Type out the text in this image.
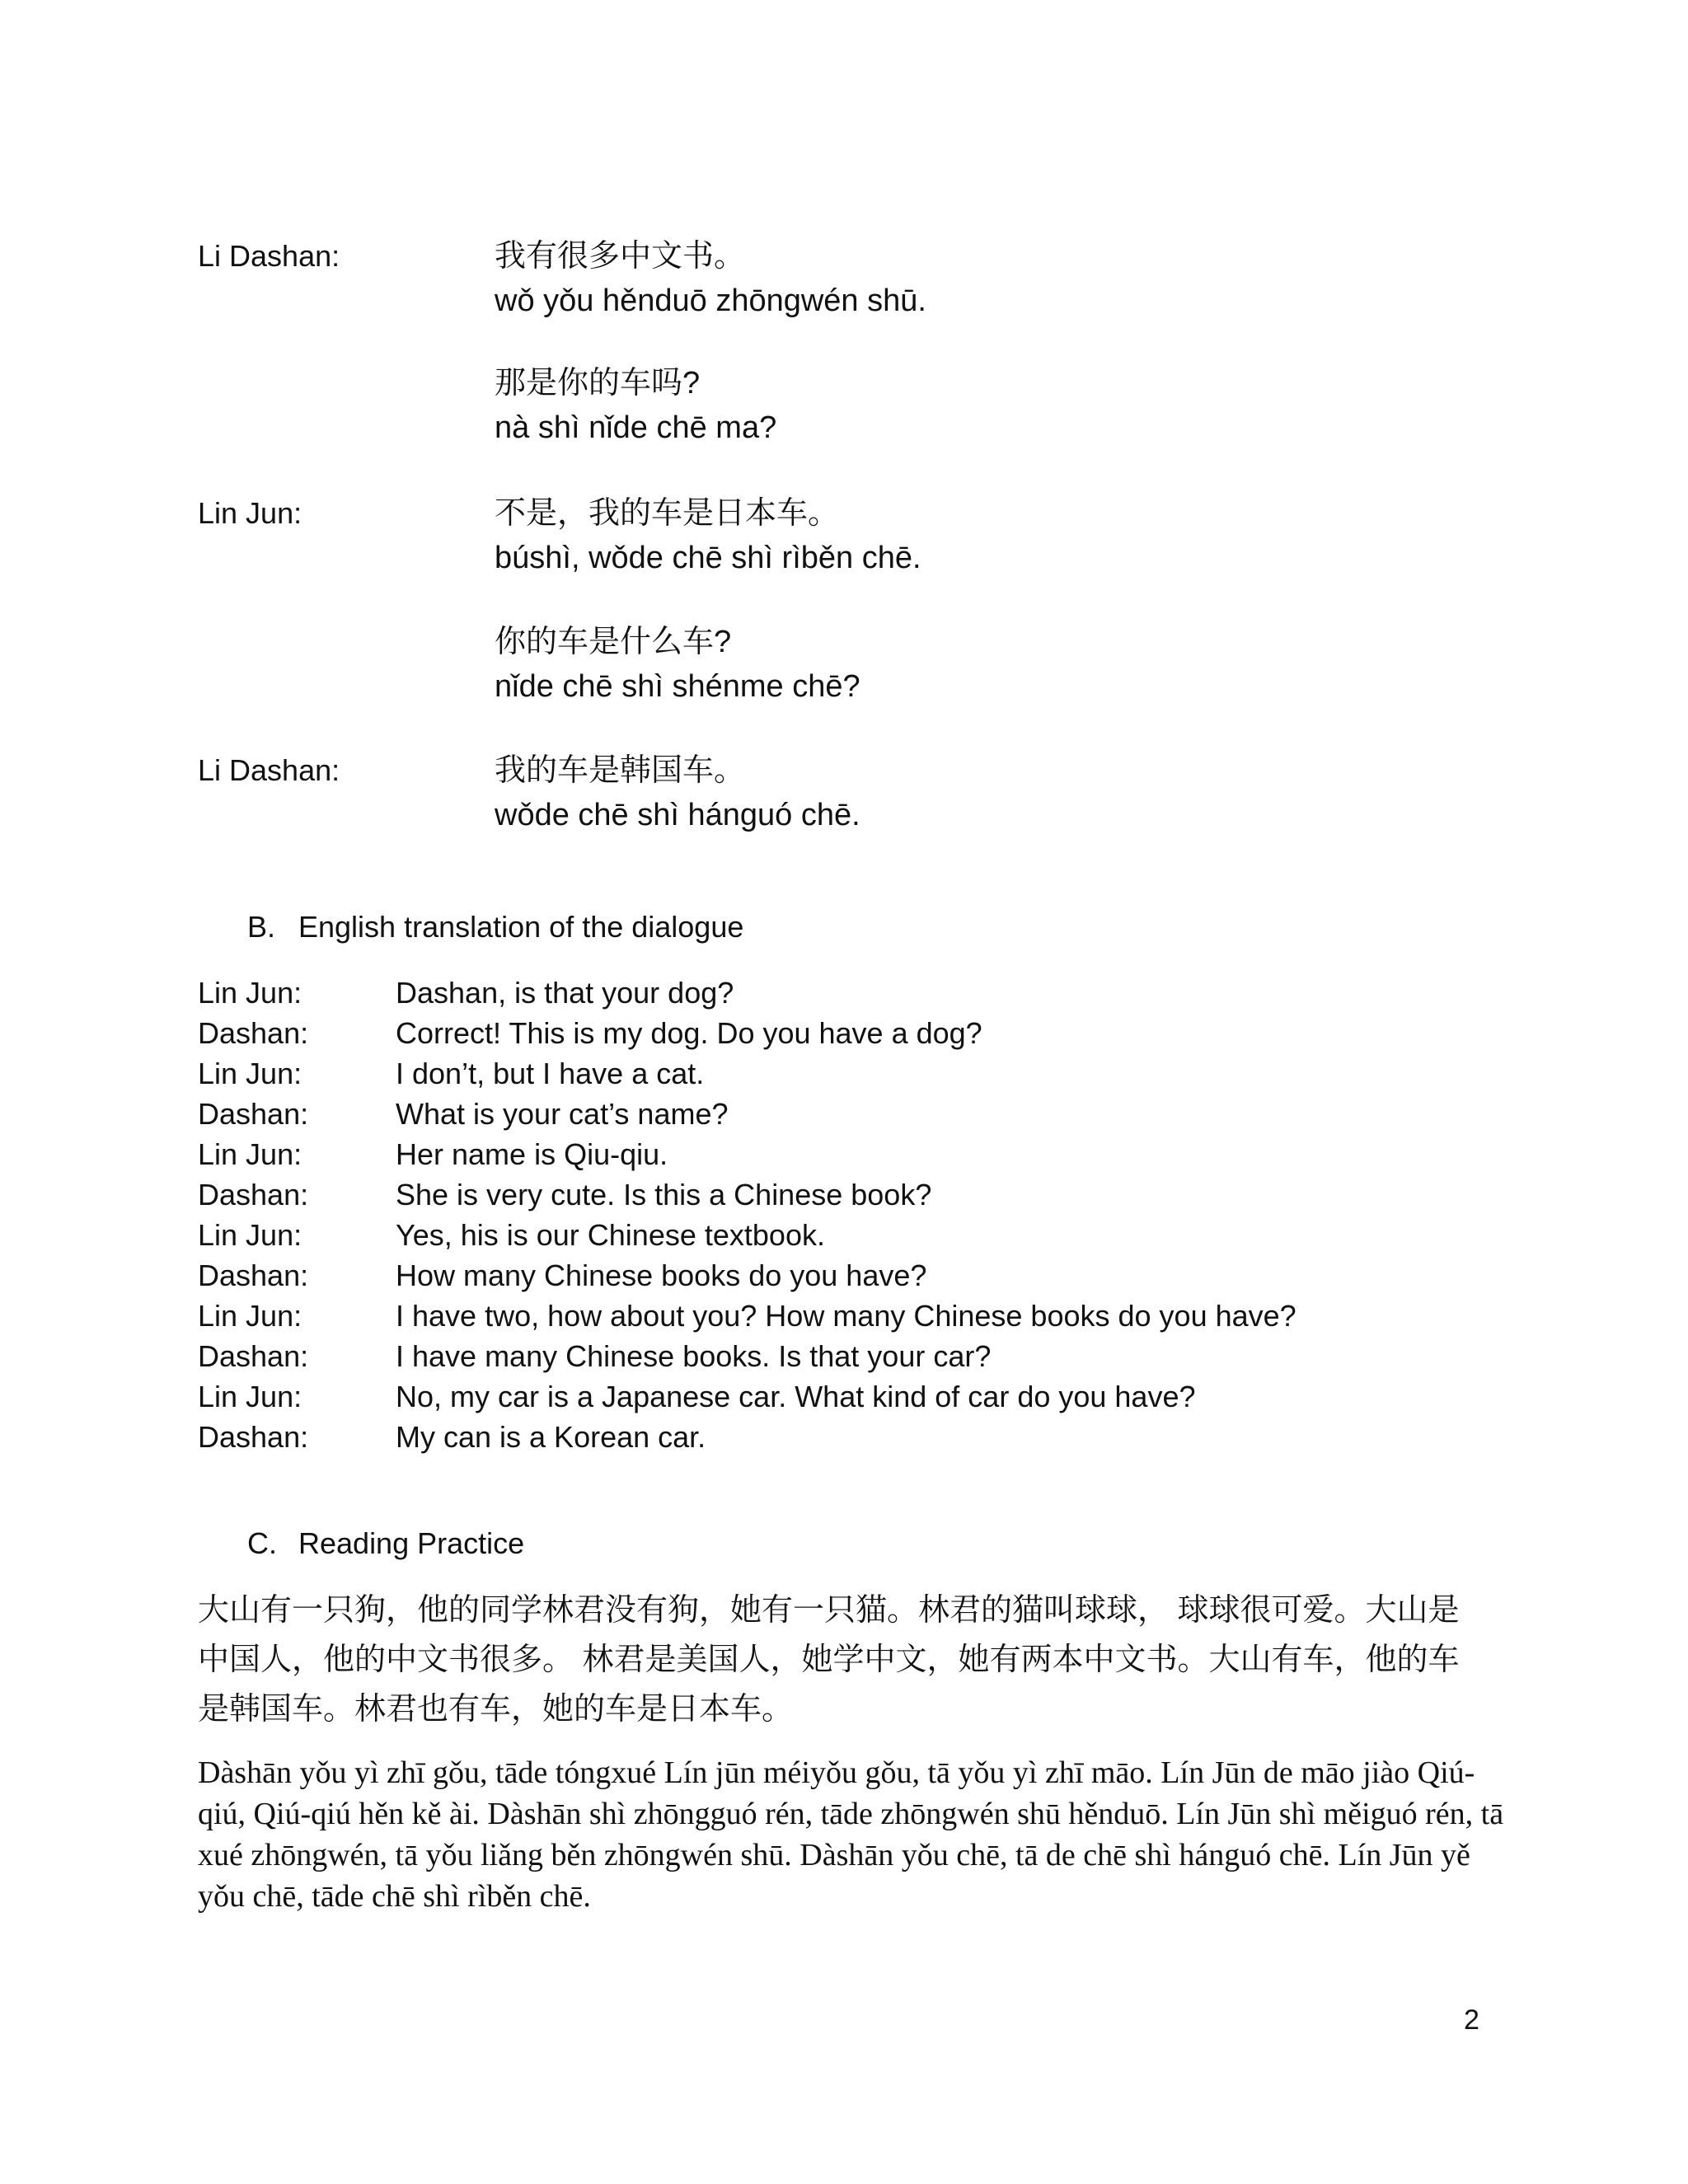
Li Dashan:	我有很多中文书。
wǒ yǒu hěnduō zhōngwén shū.
那是你的车吗?
nà shì nǐde chē ma?
Lin Jun:	不是，我的车是日本车。
búshì, wǒde chē shì rìběn chē.
你的车是什么车?
nǐde chē shì shénme chē?
Li Dashan:	我的车是韩国车。
wǒde chē shì hánguó chē.
B. English translation of the dialogue
Lin Jun:	Dashan, is that your dog?
Dashan:	Correct! This is my dog. Do you have a dog?
Lin Jun:	I don’t, but I have a cat.
Dashan:	What is your cat’s name?
Lin Jun:	Her name is Qiu-qiu.
Dashan:	She is very cute. Is this a Chinese book?
Lin Jun:	Yes, his is our Chinese textbook.
Dashan:	How many Chinese books do you have?
Lin Jun:	I have two, how about you? How many Chinese books do you have?
Dashan:	I have many Chinese books. Is that your car?
Lin Jun:	No, my car is a Japanese car. What kind of car do you have?
Dashan:	My can is a Korean car.
C. Reading Practice
大山有一只狗，他的同学林君没有狗，她有一只猫。林君的猫叫球球， 球球很可爱。大山是中国人，他的中文书很多。 林君是美国人，她学中文，她有两本中文书。大山有车，他的车是韩国车。林君也有车，她的车是日本车。
Dàshān yǒu yì zhī gǒu, tāde tóngxué Lín jūn méiyǒu gǒu, tā yǒu yì zhī māo. Lín Jūn de māo jiào Qiú-qiú, Qiú-qiú hěn kě ài. Dàshān shì zhōngguó rén, tāde zhōngwén shū hěnduō. Lín Jūn shì měiguó rén, tā xué zhōngwén, tā yǒu liǎng běn zhōngwén shū. Dàshān yǒu chē, tā de chē shì hánguó chē. Lín Jūn yě yǒu chē, tāde chē shì rìběn chē.
2
